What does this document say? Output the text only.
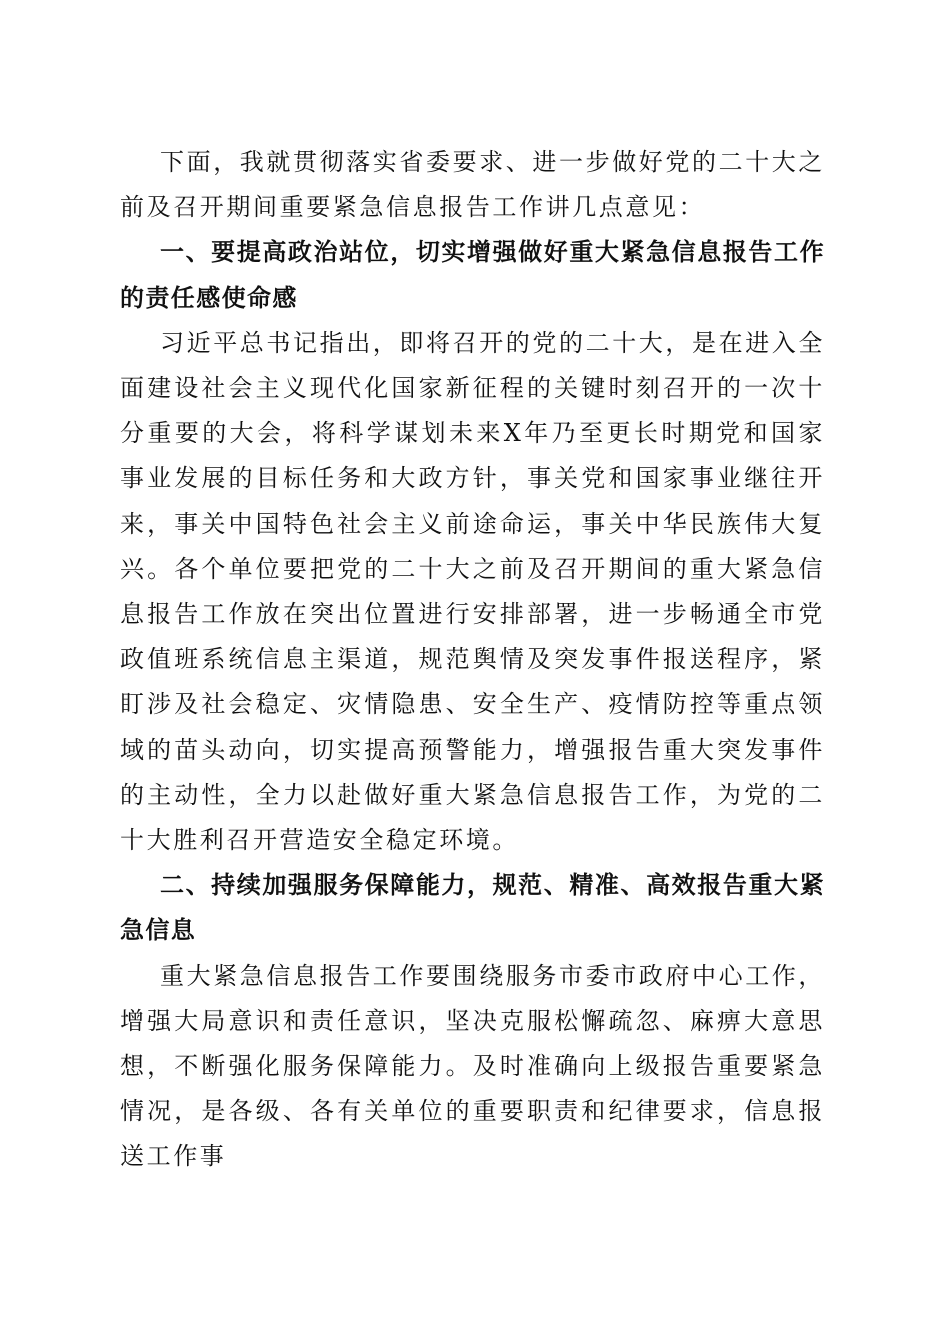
下面，我就贯彻落实省委要求、进一步做好党的二十大之前及召开期间重要紧急信息报告工作讲几点意见：

一、要提高政治站位，切实增强做好重大紧急信息报告工作的责任感使命感

习近平总书记指出，即将召开的党的二十大，是在进入全面建设社会主义现代化国家新征程的关键时刻召开的一次十分重要的大会，将科学谋划未来X年乃至更长时期党和国家事业发展的目标任务和大政方针，事关党和国家事业继往开来，事关中国特色社会主义前途命运，事关中华民族伟大复兴。各个单位要把党的二十大之前及召开期间的重大紧急信息报告工作放在突出位置进行安排部署，进一步畅通全市党政值班系统信息主渠道，规范舆情及突发事件报送程序，紧盯涉及社会稳定、灾情隐患、安全生产、疫情防控等重点领域的苗头动向，切实提高预警能力，增强报告重大突发事件的主动性，全力以赴做好重大紧急信息报告工作，为党的二十大胜利召开营造安全稳定环境。

二、持续加强服务保障能力，规范、精准、高效报告重大紧急信息

重大紧急信息报告工作要围绕服务市委市政府中心工作，增强大局意识和责任意识，坚决克服松懈疏忽、麻痹大意思想，不断强化服务保障能力。及时准确向上级报告重要紧急情况，是各级、各有关单位的重要职责和纪律要求，信息报送工作事
